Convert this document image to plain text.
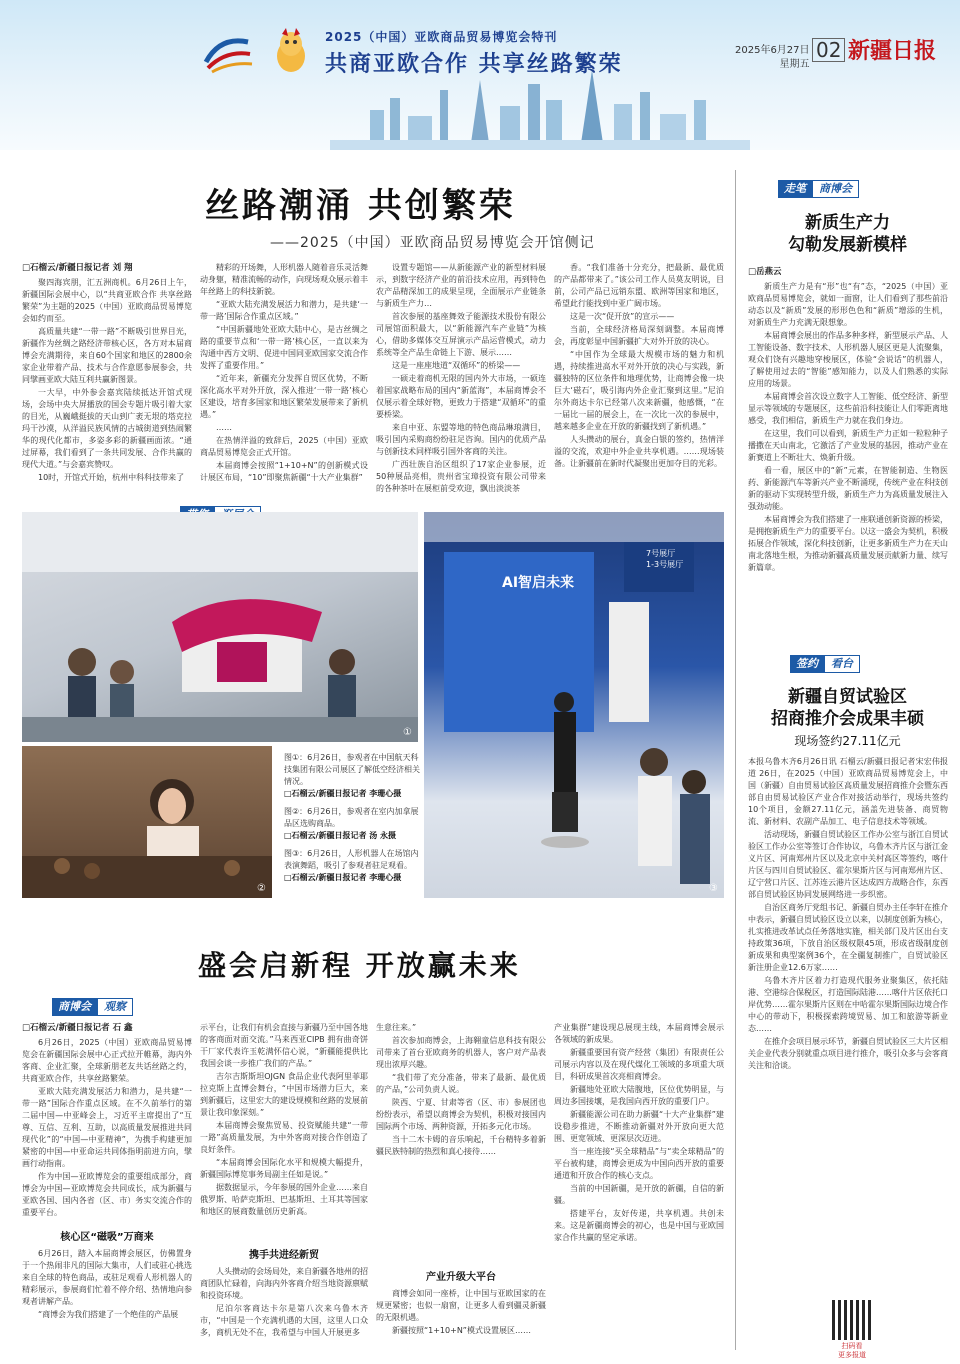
2025（中国）亚欧商品贸易博览会特刊
共商亚欧合作 共享丝路繁荣
2025年6月27日
星期五
02 新疆日报
丝路潮涌 共创繁荣
——2025（中国）亚欧商品贸易博览会开馆侧记
□石榴云/新疆日报记者 刘 翔

聚四海宾朋，汇五洲商机。6月26日上午，新疆国际会展中心，以“共商亚欧合作 共享丝路繁荣”为主题的2025（中国）亚欧商品贸易博览会如约而至。

高质量共建“一带一路”不断吸引世界目光，新疆作为丝绸之路经济带核心区，各方对本届商博会充满期待，来自60个国家和地区的2800余家企业带着产品、技术与合作意愿参展参会，共同擘画亚欧大陆互利共赢新图景。

一大早，中外参会嘉宾陆续抵达开馆式现场，会场中央大屏播放的国会专题片吸引着大家的目光，从巍峨挺拔的天山到广袤无垠的塔克拉玛干沙漠，从洋溢民族风情的古城街道到热闹繁华的现代化都市，多姿多彩的新疆画面浓。“通过屏幕，我们看到了一条共同发展、合作共赢的现代大道。”与会嘉宾赞叹。

10时，开馆式开始，杭州中科科技带来了

精彩的开场舞，人形机器人随着音乐灵活舞动身躯，精准流畅的动作，向现场观众展示着丰年丝路上的科技新貌。

“亚欧大陆充满发展活力和潜力，是共建‘一带一路’国际合作重点区域。”

“中国新疆地处亚欧大陆中心，是古丝绸之路的重要节点和‘一带一路’核心区，一直以来为沟通中西方文明、促进中国同亚欧国家交流合作发挥了重要作用。”

“近年来，新疆充分发挥自贸区优势，不断深化高水平对外开放，深入推进‘一带一路’核心区建设，培育多国家和地区繁荣发展带来了新机遇。”

……

在热情洋溢的致辞后，2025（中国）亚欧商品贸易博览会正式开馆。

本届商博会按照“1+10+N”的创新模式设计展区布局，“10”即聚焦新疆“十大产业集群”

设置专题馆——从新能源产业的新型材料展示，到数字经济产业的前沿技术应用，再到特色农产品精深加工的成果呈现，全面展示产业链条与新质生产力…

首次参展的基座舞效子能源技术股份有限公司展馆面积最大，以“新能源汽车产业链”为核心，借助多媒体交互屏演示产品运营模式，动力系统等全产品生命链上下游、展示……

这是一座座地道“双循环”的桥梁——

一硕走着商机无限的国内外大市场，一硕连着国家战略布局的国内“新蓝海”，本届商博会不仅展示着全球好物，更致力于搭建“双循环”的重要桥梁。

来自中亚、东盟等地的特色商品琳琅满目，吸引国内采购商纷纷驻足咨询。国内的优质产品与创新技术同样吸引国外客商的关注。

广西壮族自治区组织了17家企业参展，近50种展品亮相，贵州省宝璋投资有限公司带来的各种茶叶在展柜前受欢迎，飘出淡淡茶

香。“我们准备十分充分，把最新、最优质的产品都带来了。”该公司工作人员莫友明说，目前，公司产品已远销东盟、欧洲等国家和地区，希望此行能找到中亚广阔市场。

这是一次“促开放”的宣示——

当前，全球经济格局深刻调整。本届商博会，再度彰显中国新疆扩大对外开放的决心。

“中国作为全球最大规模市场的魅力和机遇，持续推进高水平对外开放的决心与实践，新疆独特的区位条件和地理优势，让商博会像一块巨大‘磁石’，吸引海内外企业汇聚到这里。”尼泊尔外商达卡尔已经第八次来新疆，他感慨，“在一届比一届的展会上，在一次比一次的参展中，越来越多企业在开放的新疆找到了新机遇。”

人头攒动的展台，真金白银的签约，热情洋溢的交流，欢迎中外企业共享机遇。……现场装备。让新疆前在新时代凝聚出更加夺目的光彩。

走笔	商博会
新质生产力
勾勒发展新模样
□岳燕云

新质生产力是有“形”也“有”态，“2025（中国）亚欧商品贸易博览会，就如一面窗，让人们看到了那些前沿动态以及“新质”发展的形形色色和“新质”增添的生机，对新质生产力充满无限想象。

本届商博会展出的作品多种多样，新型展示产品、人工智能设备、数字技术、人形机器人展区更是人流聚集，观众们饶有兴趣地穿梭展区，体验“会说话”的机器人，了解使用过去的“智能”感知能力，以及人们熟悉的实际应用的场景。

本届商博会首次设立数字人工智能、低空经济、新型显示等领域的专题展区，这些前沿科技能让人们零距离地感受，我们相信，新质生产力就在我们身边。

在这里，我们可以看到，新质生产力正如一粒粒种子播撒在天山南北，它激活了产业发展的基因，推动产业在新赛道上不断壮大、焕新升级。

看一看，展区中的“新”元素，在智能制造、生物医药、新能源汽车等新兴产业不断涌现，传统产业在科技创新的驱动下实现转型升级，新质生产力为高质量发展注入强劲动能。

本届商博会为我们搭建了一座联通创新资源的桥梁，是拥抱新质生产力的重要平台。以这一盛会为契机，积极拓展合作领域，深化科技创新，让更多新质生产力在天山南北落地生根，为推动新疆高质量发展贡献新力量、续写新篇章。

①
②
AI智启未来
7号展厅
1-3号展厅
③
图①：6月26日，参观者在中国航天科技集团有限公司展区了解低空经济相关情况。
□石榴云/新疆日报记者 李珊心摄
图②：6月26日，参观者在室内加拿展品区选购商品。
□石榴云/新疆日报记者 汤 永摄
图③：6月26日，人形机器人在场馆内表演舞蹈，吸引了参观者驻足观看。
□石榴云/新疆日报记者 李珊心摄
签约	看台
新疆自贸试验区
招商推介会成果丰硕
现场签约27.11亿元

本报乌鲁木齐6月26日讯 石榴云/新疆日报记者宋宏伟报道 26日，在2025（中国）亚欧商品贸易博览会上，中国（新疆）自由贸易试验区高质量发展招商推介会暨东西部自由贸易试验区产业合作对接活动举行，现场共签约10个项目，金额27.11亿元，涵盖先进装备、商贸物流、新材料、农副产品加工、电子信息技术等领域。

活动现场，新疆自贸试验区工作办公室与浙江自贸试验区工作办公室等签订合作协议，乌鲁木齐片区与浙江金义片区、河南郑州片区以及北京中关村高区等签约，喀什片区与四川自贸试验区、霍尔果斯片区与河南郑州片区、辽宁营口片区、江苏连云港片区达成四方战略合作，东西部自贸试验区协同发展网络进一步织密。

自治区商务厅党组书记、新疆自贸办主任李轩在推介中表示，新疆自贸试验区设立以来，以制度创新为核心，扎实推进改革试点任务落地实施，相关部门及片区出台支持政策36项，下放自治区级权限45项，形成省级制度创新成果和典型案例36个，在全疆复制推广，自贸试验区新注册企业12.6万家……

乌鲁木齐片区着力打造现代服务业聚集区，依托陆港、空港综合保税区，打造国际陆港……喀什片区依托口岸优势……霍尔果斯片区则在中哈霍尔果斯国际边境合作中心的带动下，积极探索跨境贸易、加工和旅游等新业态……

在推介会项目展示环节，新疆自贸试验区三大片区相关企业代表分别就重点项目进行推介，吸引众多与会客商关注和洽谈。

扫码看
更多报道
盛会启新程 开放赢未来
商博会	观察
□石榴云/新疆日报记者 石 鑫

6月26日，2025（中国）亚欧商品贸易博览会在新疆国际会展中心正式拉开帷幕，海内外客商、企业汇聚，全球新朋老友共话丝路之约，共商亚欧合作，共享丝路繁荣。

亚欧大陆充满发展活力和潜力，是共建“一带一路”国际合作重点区域。在不久前举行的第二届中国—中亚峰会上，习近平主席提出了“互尊、互信、互利、互助，以高质量发展推进共同现代化”的“中国—中亚精神”，为携手构建更加紧密的中国—中亚命运共同体指明前进方向，擘画行动指南。

作为中国—亚欧博览会的重要组成部分，商博会为中国—亚欧博览会共同成长，成为新疆与亚欧各国、国内各省（区、市）务实交流合作的重要平台。

核心区“磁吸”万商来

6月26日，踏入本届商博会展区，仿佛置身于一个热闹非凡的国际大集市，人们或驻心挑选来自全球的特色商品，或驻足观看人形机器人的精彩展示，参展商们忙着不停介绍、热情地向参观者讲解产品。

“商博会为我们搭建了一个绝佳的产品展

示平台，让我们有机会直接与新疆乃至中国各地的客商面对面交流。”马来西亚CIPB 拥有曲奇饼干厂家代表许玉乾满怀信心说，“新疆能提供比我国会谈一步推广我们的产品。”

吉尔吉斯斯坦OJGN 食品企业代表阿里菲耶拉克斯上直博会舞台，“中国市场潜力巨大，来到新疆后，这里宏大的建设规模和丝路的发展前景让我印象深刻。”

本届商博会聚焦贸易、投资赋能共建“一带一路”高质量发展，为中外客商对接合作创造了良好条件。

“本届商博会国际化水平和规模大幅提升，新疆国际博览事务局副主任如是说。”

据数据显示，今年参展的国外企业……来自俄罗斯、哈萨克斯坦、巴基斯坦、土耳其等国家和地区的展商数量创历史新高。

携手共进经新贸

人头攒动的会场局处，来自新疆各地州的招商团队忙碌着，向海内外客商介绍当地资源禀赋和投资环境。

尼泊尔客商达卡尔是第八次来乌鲁木齐市，“中国是一个充满机遇的大国，这里人口众多，商机无处不在，我希望与中国人开展更多

生意往来。”

首次参加商博会，上海翱童信息科技有限公司带来了首台亚欧商务的机器人，客户对产品表现出浓厚兴趣。

“我们带了充分准备，带来了最新、最优质的产品，”公司负责人说。

陕西、宁夏、甘肃等省（区、市）参展团也纷纷表示，希望以商博会为契机，积极对接国内国际两个市场、两种资源，开拓多元化市场。

当十二木卡姆的音乐响起，千台精特多着新疆民族特制的热烈和真心接待……

产业升级大平台

商博会如同一座桥，让中国与亚欧国家的在规更紧密；也似一扇窗，让更多人看到疆灵新疆的无限机遇。

新疆按照“1+10+N”模式设置展区……

产业集群”建设现总展现主线，本届商博会展示各领域的新成果。

新疆重要国有资产经营（集团）有限责任公司展示内容以及在现代煤化工领域的多项重大项目，科研成果首次亮相商博会。

新疆地处亚欧大陆腹地，区位优势明显，与周边多国接壤，是我国向西开放的重要门户。

新疆能源公司在助力新疆“十大产业集群”建设稳步推进，不断推动新疆对外开放向更大范围、更宽领域、更深层次迈进。

当一座连接“买全球精品”与“卖全球精品”的平台被构建，商博会更成为中国向西开放的重要通道和开放合作的核心支点。

当前的中国新疆，是开放的新疆，自信的新疆。

搭建平台，友好传递，共享机遇。共创未来。这是新疆商博会的初心，也是中国与亚欧国家合作共赢的坚定承诺。
